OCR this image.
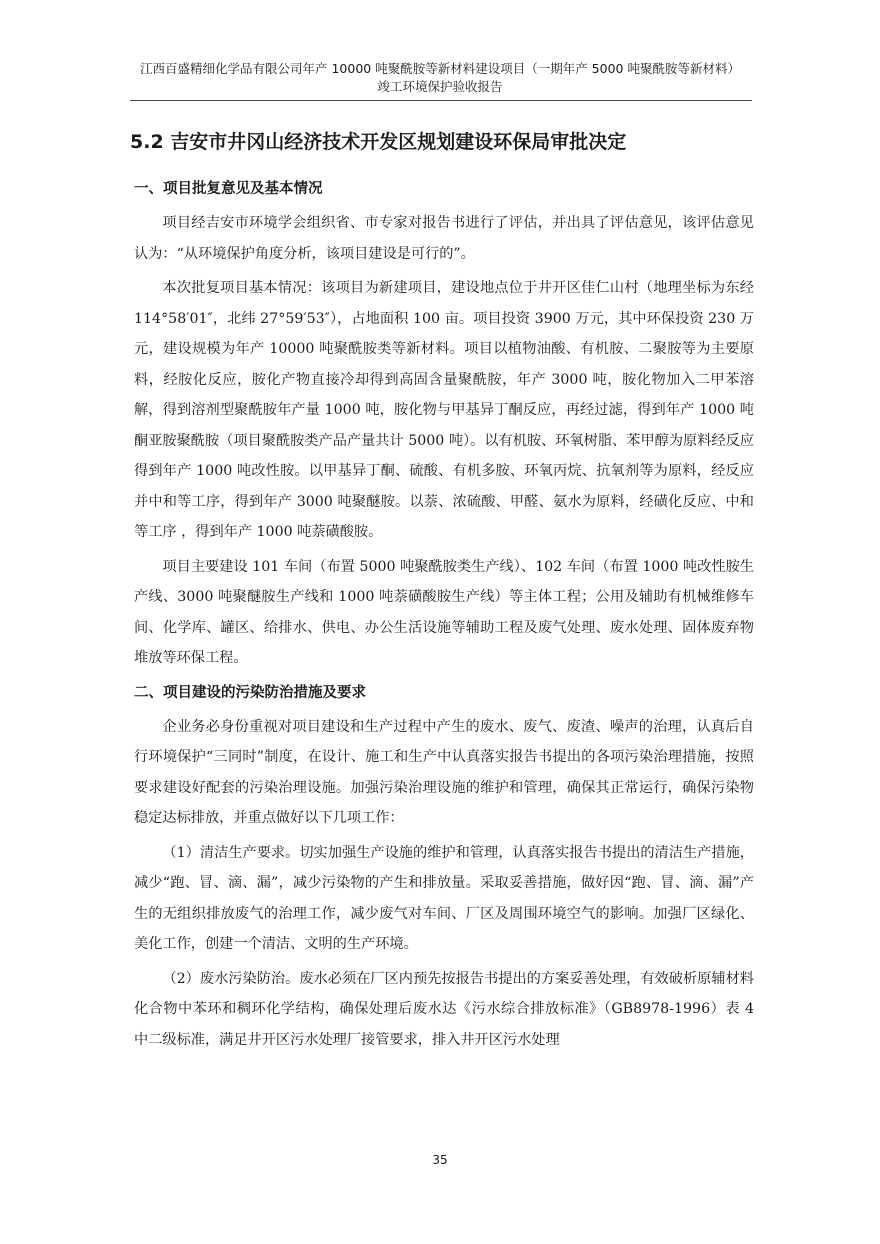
江西百盛精细化学品有限公司年产 10000 吨聚酰胺等新材料建设项目（一期年产 5000 吨聚酰胺等新材料）
竣工环境保护验收报告
5.2 吉安市井冈山经济技术开发区规划建设环保局审批决定
一、项目批复意见及基本情况

项目经吉安市环境学会组织省、市专家对报告书进行了评估，并出具了评估意见，该评估意见认为：“从环境保护角度分析，该项目建设是可行的”。

本次批复项目基本情况：该项目为新建项目，建设地点位于井开区佳仁山村（地理坐标为东经 114°58′01″，北纬 27°59′53″），占地面积 100 亩。项目投资 3900 万元，其中环保投资 230 万元，建设规模为年产 10000 吨聚酰胺类等新材料。项目以植物油酸、有机胺、二聚胺等为主要原料，经胺化反应，胺化产物直接冷却得到高固含量聚酰胺，年产 3000 吨，胺化物加入二甲苯溶解，得到溶剂型聚酰胺年产量 1000 吨，胺化物与甲基异丁酮反应，再经过滤，得到年产 1000 吨酮亚胺聚酰胺（项目聚酰胺类产品产量共计 5000 吨）。以有机胺、环氧树脂、苯甲醇为原料经反应得到年产 1000 吨改性胺。以甲基异丁酮、硫酸、有机多胺、环氧丙烷、抗氧剂等为原料，经反应并中和等工序，得到年产 3000 吨聚醚胺。以萘、浓硫酸、甲醛、氨水为原料，经磺化反应、中和等工序 ，得到年产 1000 吨萘磺酸胺。

项目主要建设 101 车间（布置 5000 吨聚酰胺类生产线）、102 车间（布置 1000 吨改性胺生产线、3000 吨聚醚胺生产线和 1000 吨萘磺酸胺生产线）等主体工程；公用及辅助有机械维修车间、化学库、罐区、给排水、供电、办公生活设施等辅助工程及废气处理、废水处理、固体废弃物堆放等环保工程。

二、项目建设的污染防治措施及要求

企业务必身份重视对项目建设和生产过程中产生的废水、废气、废渣、噪声的治理，认真后自行环境保护“三同时”制度，在设计、施工和生产中认真落实报告书提出的各项污染治理措施，按照要求建设好配套的污染治理设施。加强污染治理设施的维护和管理，确保其正常运行，确保污染物稳定达标排放，并重点做好以下几项工作：

（1）清洁生产要求。切实加强生产设施的维护和管理，认真落实报告书提出的清洁生产措施，减少“跑、冒、滴、漏”，减少污染物的产生和排放量。采取妥善措施，做好因“跑、冒、滴、漏”产生的无组织排放废气的治理工作，减少废气对车间、厂区及周围环境空气的影响。加强厂区绿化、美化工作，创建一个清洁、文明的生产环境。

（2）废水污染防治。废水必须在厂区内预先按报告书提出的方案妥善处理，有效破析原辅材料化合物中苯环和稠环化学结构，确保处理后废水达《污水综合排放标准》（GB8978-1996）表 4 中二级标准，满足井开区污水处理厂接管要求，排入井开区污水处理

35
